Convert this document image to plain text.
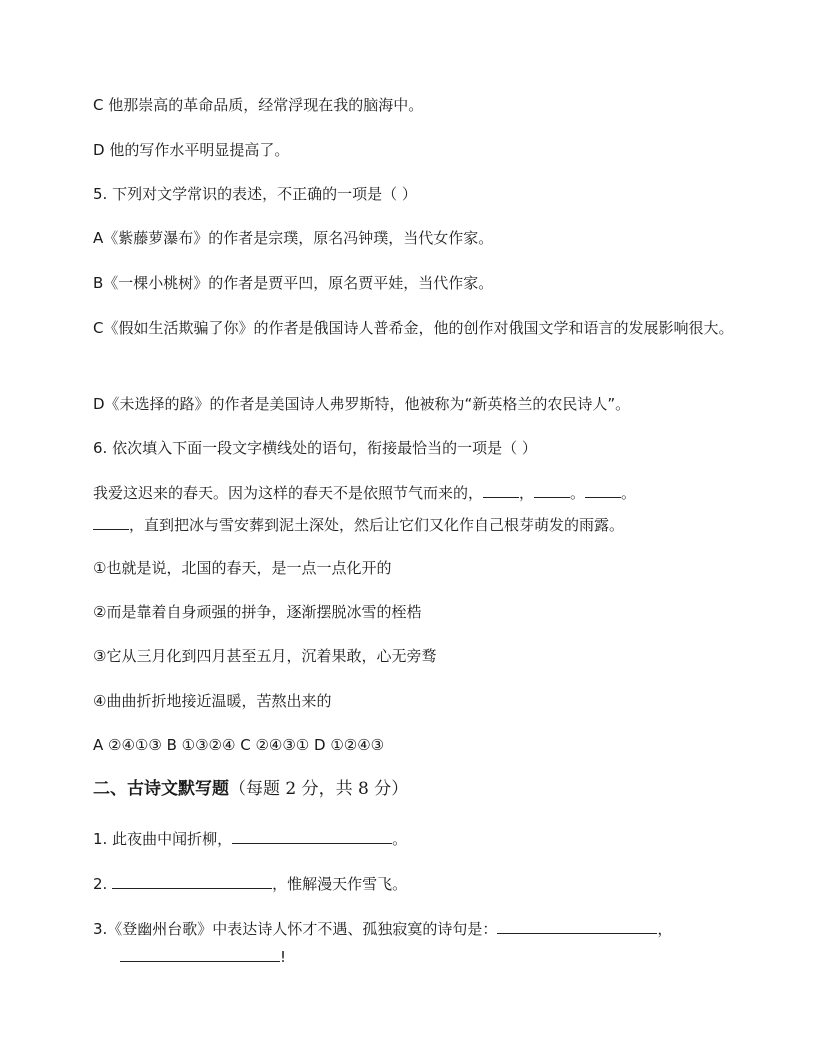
C 他那崇高的革命品质，经常浮现在我的脑海中。
D 他的写作水平明显提高了。
5. 下列对文学常识的表述，不正确的一项是（ ）
A《紫藤萝瀑布》的作者是宗璞，原名冯钟璞，当代女作家。
B《一棵小桃树》的作者是贾平凹，原名贾平娃，当代作家。
C《假如生活欺骗了你》的作者是俄国诗人普希金，他的创作对俄国文学和语言的发展影响很大。
D《未选择的路》的作者是美国诗人弗罗斯特，他被称为“新英格兰的农民诗人”。
6. 依次填入下面一段文字横线处的语句，衔接最恰当的一项是（ ）
我爱这迟来的春天。因为这样的春天不是依照节气而来的， ， 。 。
，直到把冰与雪安葬到泥土深处，然后让它们又化作自己根芽萌发的雨露。
①也就是说，北国的春天，是一点一点化开的
②而是靠着自身顽强的拼争，逐渐摆脱冰雪的桎梏
③它从三月化到四月甚至五月，沉着果敢，心无旁骛
④曲曲折折地接近温暖，苦熬出来的
A ②④①③ B ①③②④ C ②④③① D ①②④③
二、古诗文默写题（每题 2 分，共 8 分）
1. 此夜曲中闻折柳，	。
2.	，惟解漫天作雪飞。
3.《登幽州台歌》中表达诗人怀才不遇、孤独寂寞的诗句是：	，
!
